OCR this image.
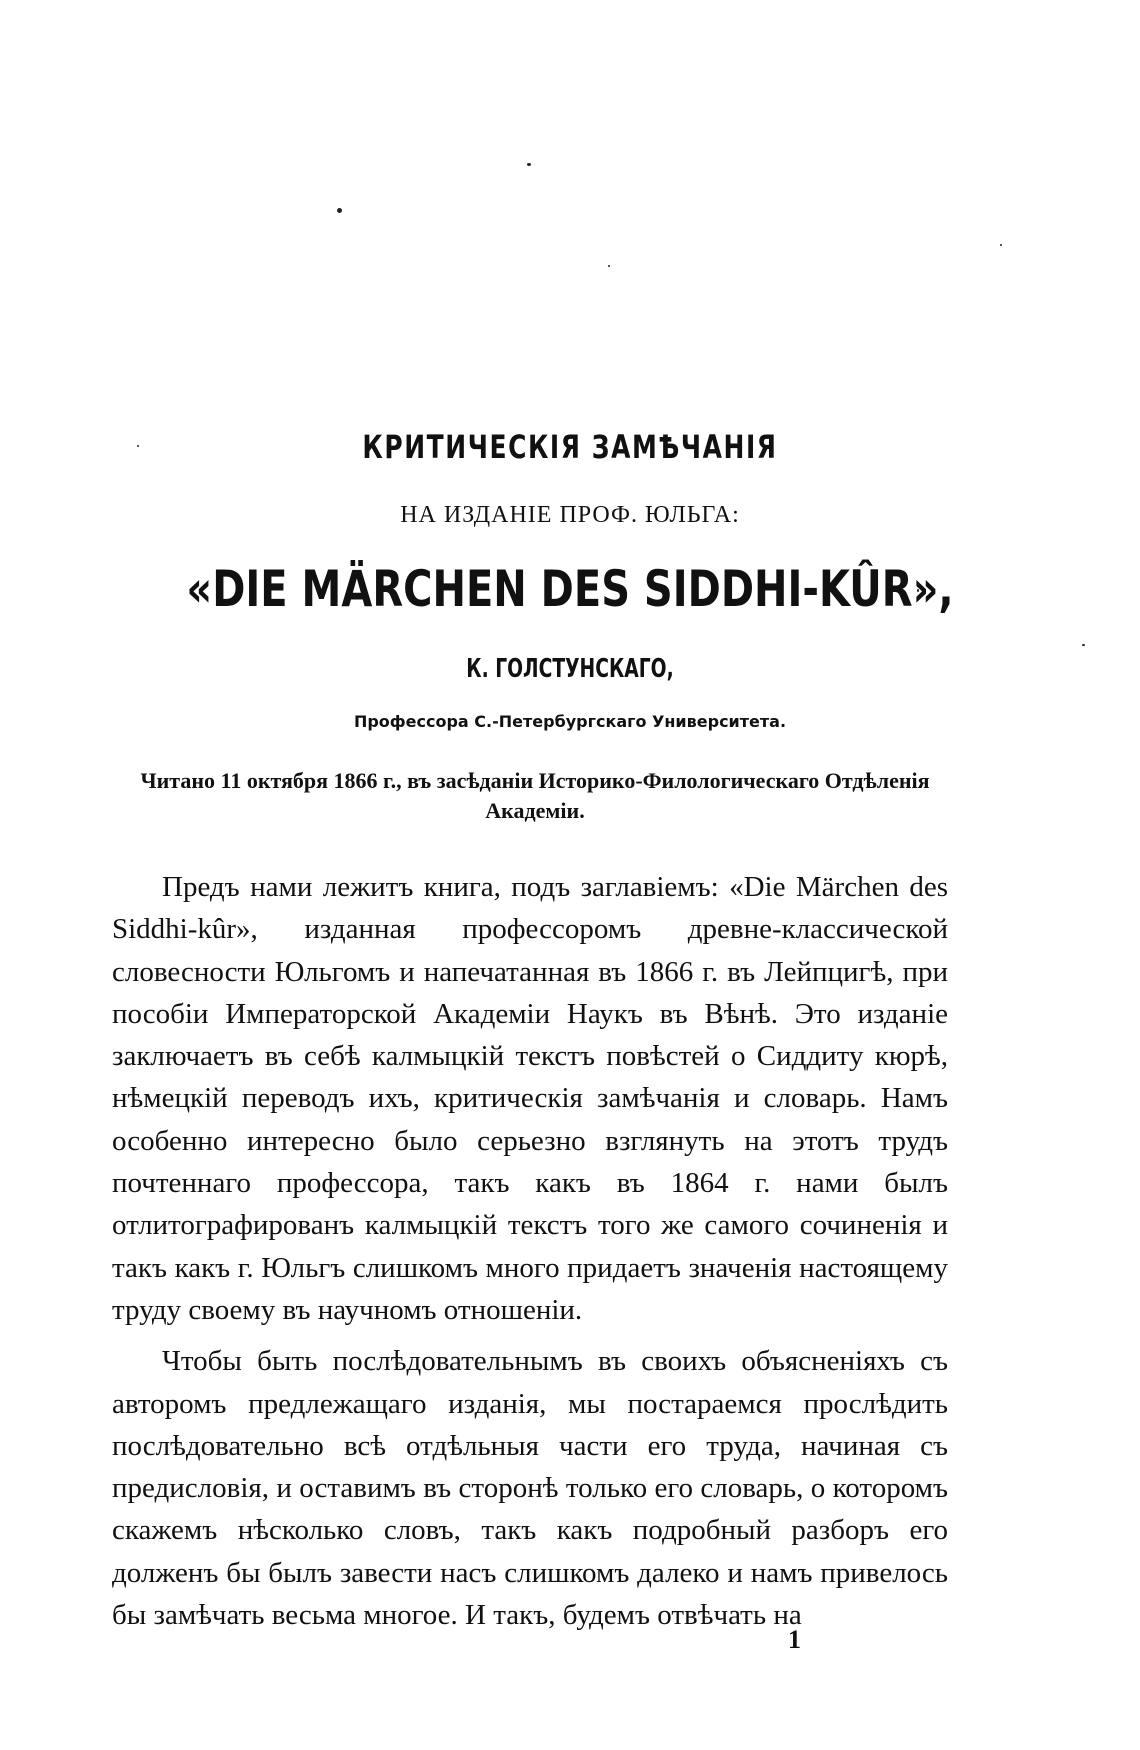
КРИТИЧЕСКІЯ ЗАМѢЧАНІЯ
НА ИЗДАНІЕ ПРОФ. ЮЛЬГА:
«DIE MÄRCHEN DES SIDDHI-KÛR»,
К. ГОЛСТУНСКАГО,
Профессора С.-Петербургскаго Университета.
Читано 11 октября 1866 г., въ засѣданіи Историко-Филологическаго Отдѣленія Академіи.

Предъ нами лежитъ книга, подъ заглавіемъ: «Die Märchen des Siddhi-kûr», изданная профессоромъ древне-классической словесности Юльгомъ и напечатанная въ 1866 г. въ Лейпцигѣ, при пособіи Императорской Академіи Наукъ въ Вѣнѣ. Это изданіе заключаетъ въ себѣ калмыцкій текстъ повѣстей о Сиддиту кюрѣ, нѣмецкій переводъ ихъ, критическія замѣчанія и словарь. Намъ особенно интересно было серьезно взглянуть на этотъ трудъ почтеннаго профессора, такъ какъ въ 1864 г. нами былъ отлитографированъ калмыцкій текстъ того же самого сочиненія и такъ какъ г. Юльгъ слишкомъ много придаетъ значенія настоящему труду своему въ научномъ отношеніи.

Чтобы быть послѣдовательнымъ въ своихъ объясненіяхъ съ авторомъ предлежащаго изданія, мы постараемся прослѣдить послѣдовательно всѣ отдѣльныя части его труда, начиная съ предисловія, и оставимъ въ сторонѣ только его словарь, о которомъ скажемъ нѣсколько словъ, такъ какъ подробный разборъ его долженъ бы былъ завести насъ слишкомъ далеко и намъ привелось бы замѣчать весьма многое. И такъ, будемъ отвѣчать на

1
